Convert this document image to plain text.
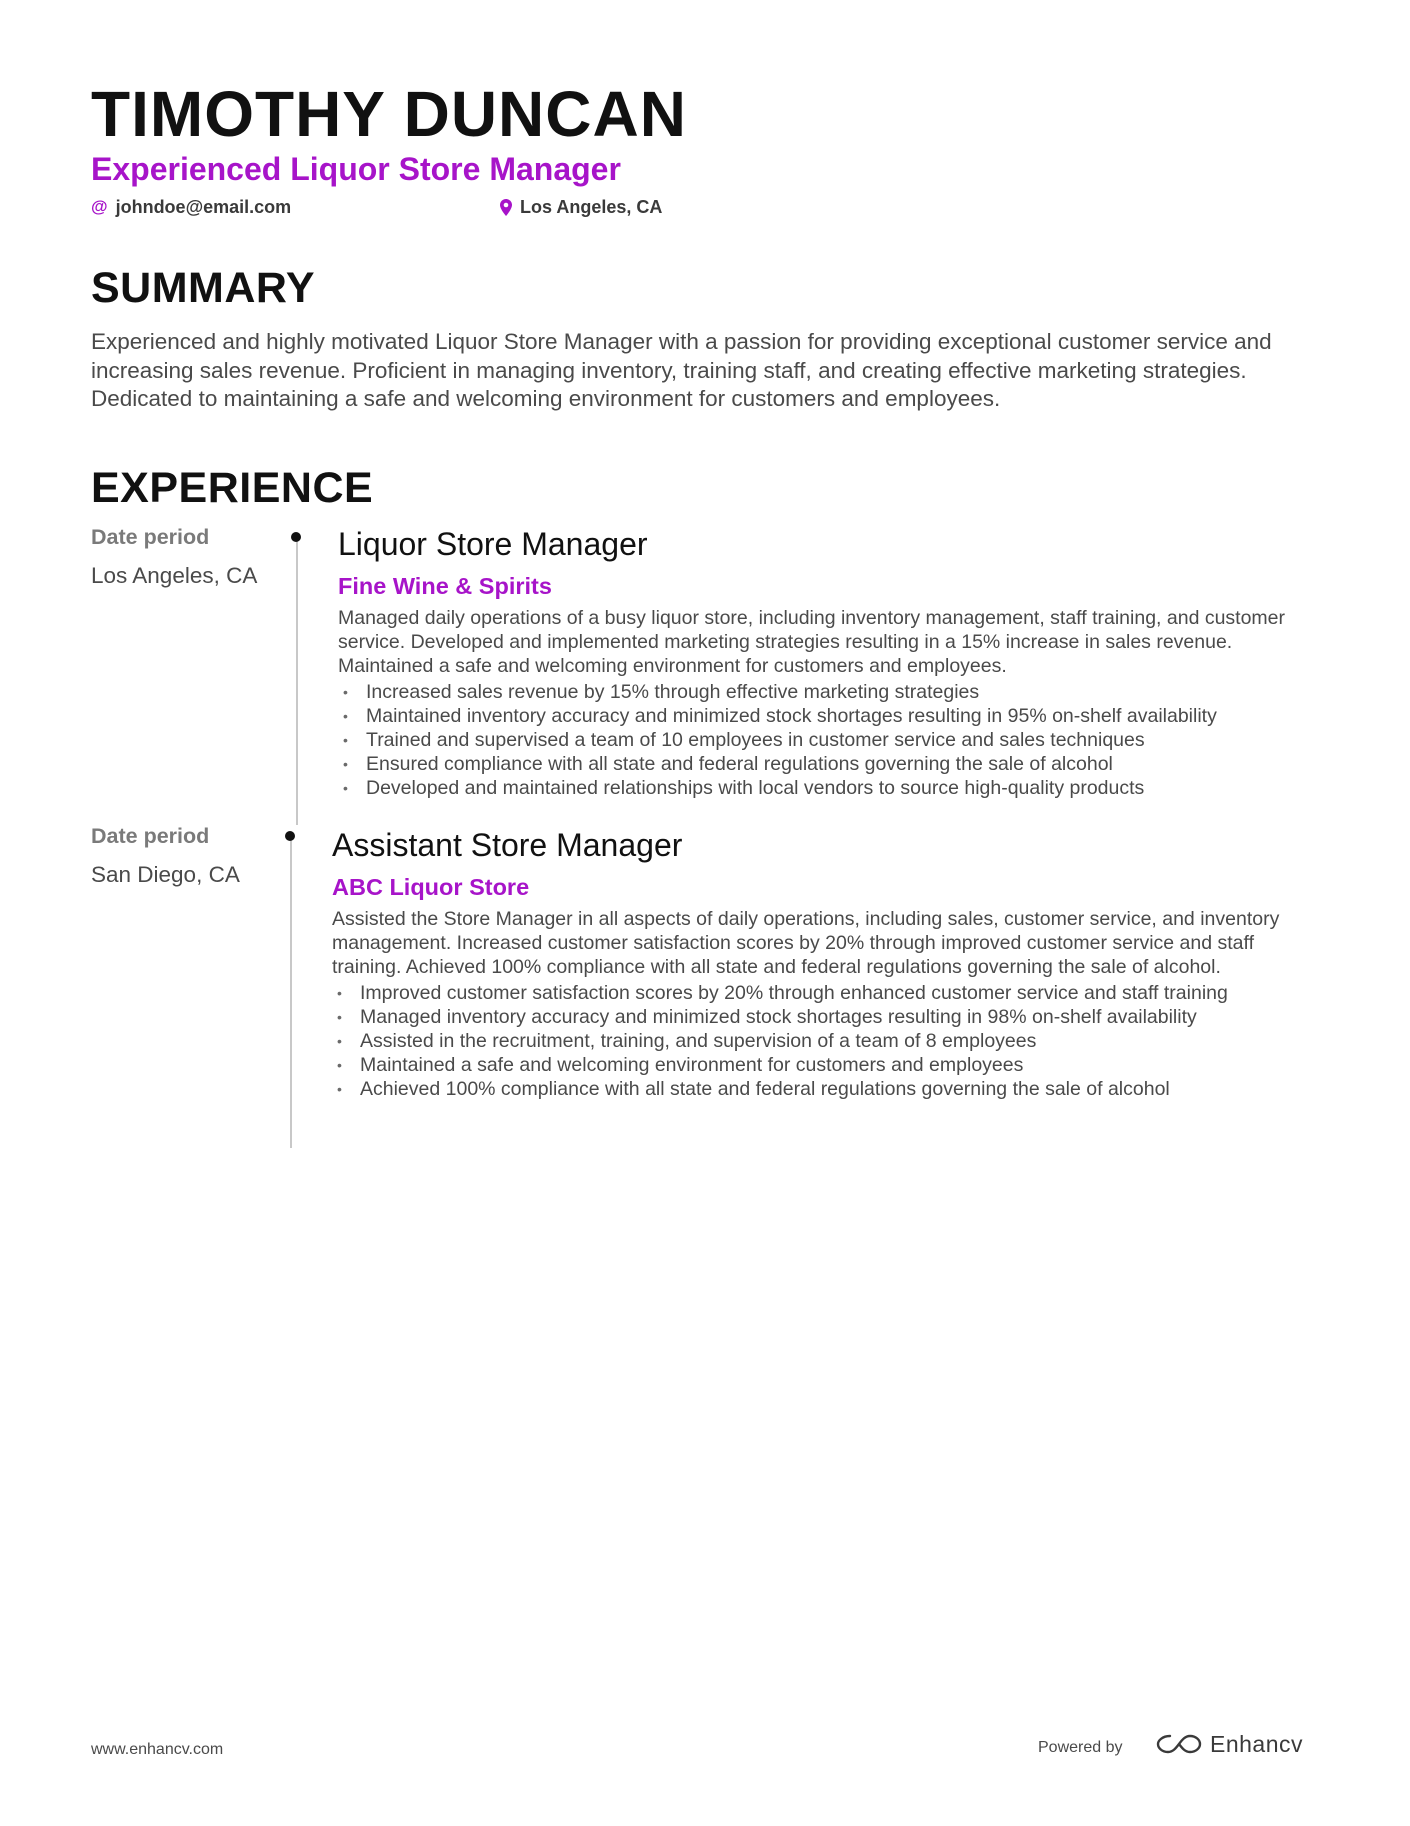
TIMOTHY DUNCAN
Experienced Liquor Store Manager
@ johndoe@email.com	Los Angeles, CA
SUMMARY
Experienced and highly motivated Liquor Store Manager with a passion for providing exceptional customer service and increasing sales revenue. Proficient in managing inventory, training staff, and creating effective marketing strategies. Dedicated to maintaining a safe and welcoming environment for customers and employees.
EXPERIENCE
Date period
Los Angeles, CA
Liquor Store Manager
Fine Wine & Spirits
Managed daily operations of a busy liquor store, including inventory management, staff training, and customer service. Developed and implemented marketing strategies resulting in a 15% increase in sales revenue. Maintained a safe and welcoming environment for customers and employees.
• Increased sales revenue by 15% through effective marketing strategies
• Maintained inventory accuracy and minimized stock shortages resulting in 95% on-shelf availability
• Trained and supervised a team of 10 employees in customer service and sales techniques
• Ensured compliance with all state and federal regulations governing the sale of alcohol
• Developed and maintained relationships with local vendors to source high-quality products
Date period
San Diego, CA
Assistant Store Manager
ABC Liquor Store
Assisted the Store Manager in all aspects of daily operations, including sales, customer service, and inventory management. Increased customer satisfaction scores by 20% through improved customer service and staff training. Achieved 100% compliance with all state and federal regulations governing the sale of alcohol.
• Improved customer satisfaction scores by 20% through enhanced customer service and staff training
• Managed inventory accuracy and minimized stock shortages resulting in 98% on-shelf availability
• Assisted in the recruitment, training, and supervision of a team of 8 employees
• Maintained a safe and welcoming environment for customers and employees
• Achieved 100% compliance with all state and federal regulations governing the sale of alcohol
www.enhancv.com	Powered by	Enhancv
